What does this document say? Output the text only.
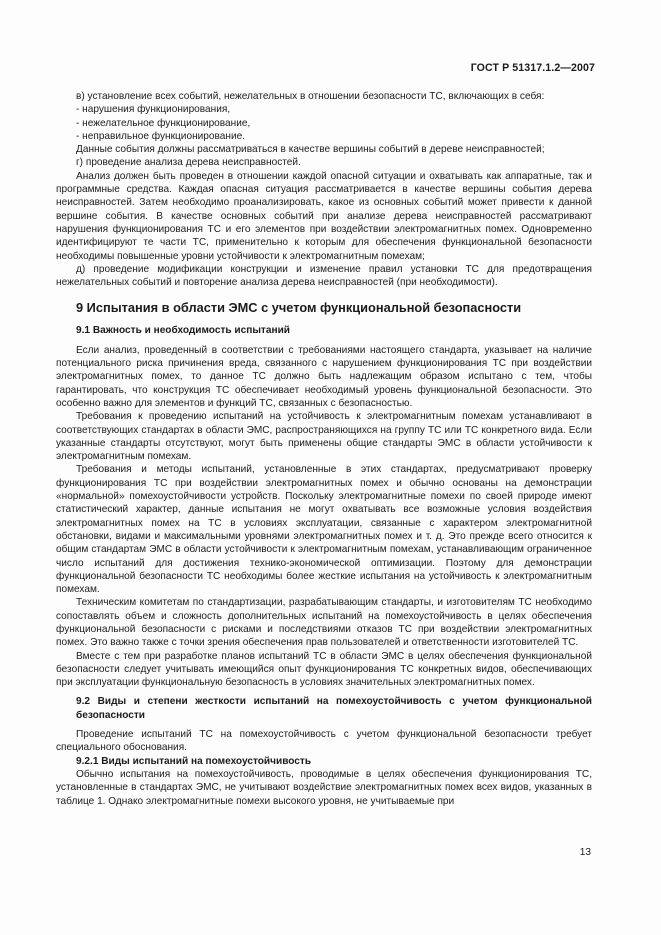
ГОСТ Р 51317.1.2—2007

в) установление всех событий, нежелательных в отношении безопасности ТС, включающих в себя:

- нарушения функционирования,

- нежелательное функционирование,

- неправильное функционирование.

Данные события должны рассматриваться в качестве вершины событий в дереве неисправностей;

г) проведение анализа дерева неисправностей.

Анализ должен быть проведен в отношении каждой опасной ситуации и охватывать как аппаратные, так и программные средства. Каждая опасная ситуация рассматривается в качестве вершины события дерева неисправностей. Затем необходимо проанализировать, какое из основных событий может привести к данной вершине события. В качестве основных событий при анализе дерева неисправностей рассматривают нарушения функционирования ТС и его элементов при воздействии электромагнитных помех. Одновременно идентифицируют те части ТС, применительно к которым для обеспечения функциональной безопасности необходимы повышенные уровни устойчивости к электромагнитным помехам;

д) проведение модификации конструкции и изменение правил установки ТС для предотвращения нежелательных событий и повторение анализа дерева неисправностей (при необходимости).

9 Испытания в области ЭМС с учетом функциональной безопасности

9.1 Важность и необходимость испытаний

Если анализ, проведенный в соответствии с требованиями настоящего стандарта, указывает на наличие потенциального риска причинения вреда, связанного с нарушением функционирования ТС при воздействии электромагнитных помех, то данное ТС должно быть надлежащим образом испытано с тем, чтобы гарантировать, что конструкция ТС обеспечивает необходимый уровень функциональной безопасности. Это особенно важно для элементов и функций ТС, связанных с безопасностью.

Требования к проведению испытаний на устойчивость к электромагнитным помехам устанавливают в соответствующих стандартах в области ЭМС, распространяющихся на группу ТС или ТС конкретного вида. Если указанные стандарты отсутствуют, могут быть применены общие стандарты ЭМС в области устойчивости к электромагнитным помехам.

Требования и методы испытаний, установленные в этих стандартах, предусматривают проверку функционирования ТС при воздействии электромагнитных помех и обычно основаны на демонстрации «нормальной» помехоустойчивости устройств. Поскольку электромагнитные помехи по своей природе имеют статистический характер, данные испытания не могут охватывать все возможные условия воздействия электромагнитных помех на ТС в условиях эксплуатации, связанные с характером электромагнитной обстановки, видами и максимальными уровнями электромагнитных помех и т. д. Это прежде всего относится к общим стандартам ЭМС в области устойчивости к электромагнитным помехам, устанавливающим ограниченное число испытаний для достижения технико-экономической оптимизации. Поэтому для демонстрации функциональной безопасности ТС необходимы более жесткие испытания на устойчивость к электромагнитным помехам.

Техническим комитетам по стандартизации, разрабатывающим стандарты, и изготовителям ТС необходимо сопоставлять объем и сложность дополнительных испытаний на помехоустойчивость в целях обеспечения функциональной безопасности с рисками и последствиями отказов ТС при воздействии электромагнитных помех. Это важно также с точки зрения обеспечения прав пользователей и ответственности изготовителей ТС.

Вместе с тем при разработке планов испытаний ТС в области ЭМС в целях обеспечения функциональной безопасности следует учитывать имеющийся опыт функционирования ТС конкретных видов, обеспечивающих при эксплуатации функциональную безопасность в условиях значительных электромагнитных помех.

9.2 Виды и степени жесткости испытаний на помехоустойчивость с учетом функциональной безопасности

Проведение испытаний ТС на помехоустойчивость с учетом функциональной безопасности требует специального обоснования.

9.2.1 Виды испытаний на помехоустойчивость

Обычно испытания на помехоустойчивость, проводимые в целях обеспечения функционирования ТС, установленные в стандартах ЭМС, не учитывают воздействие электромагнитных помех всех видов, указанных в таблице 1. Однако электромагнитные помехи высокого уровня, не учитываемые при

13
